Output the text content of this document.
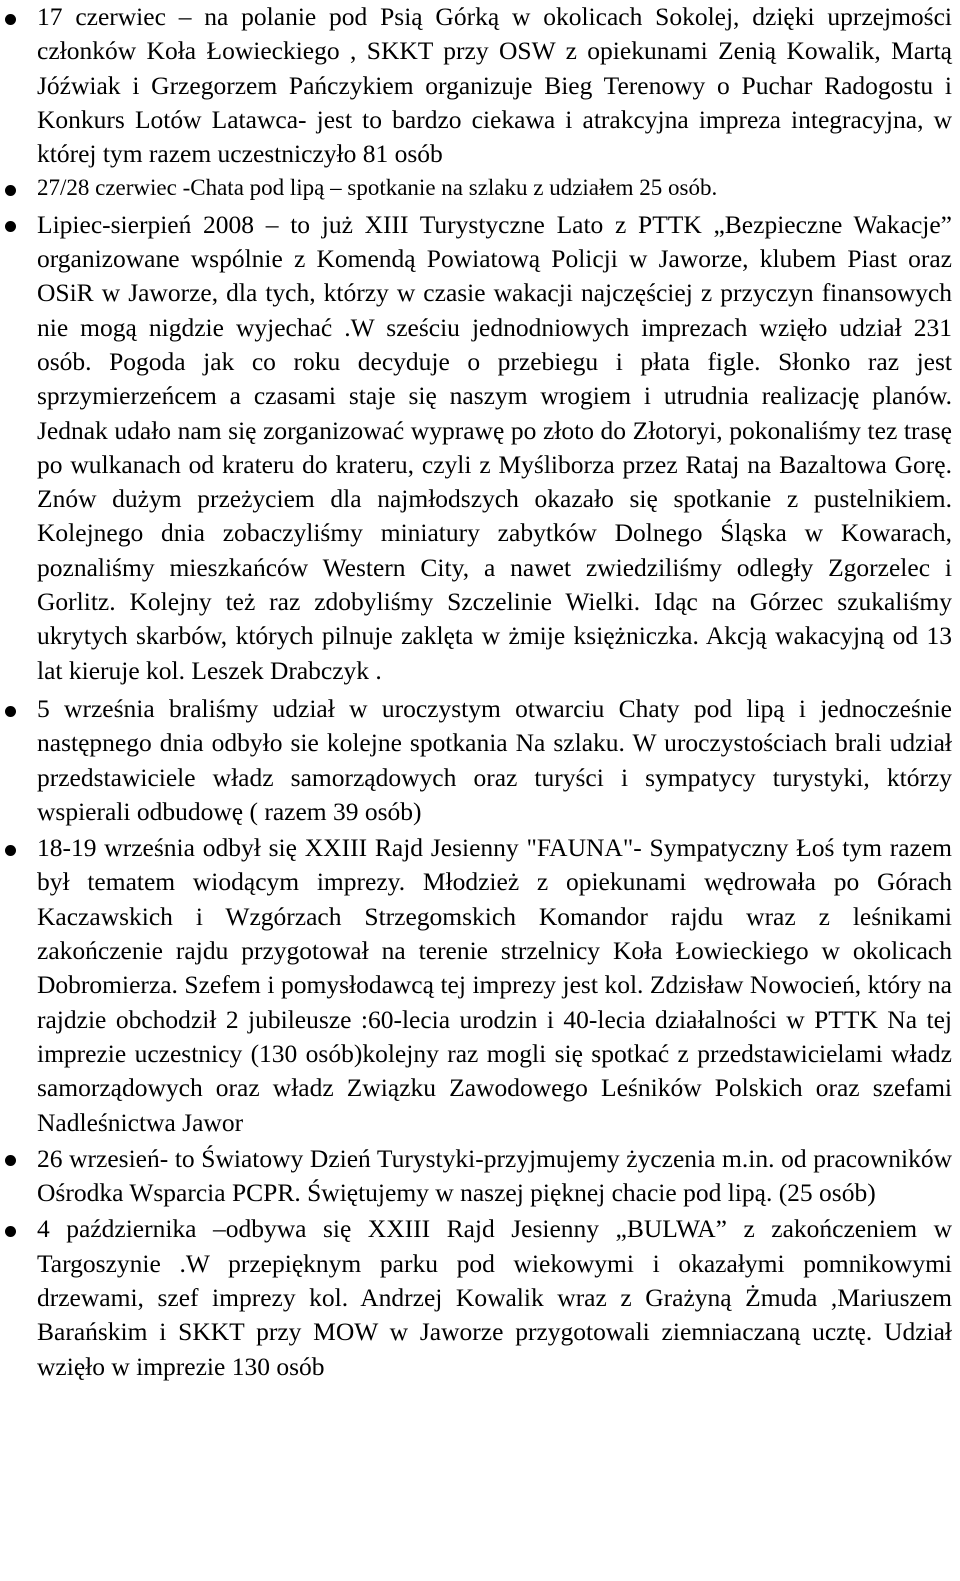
17 czerwiec – na polanie pod Psią Górką w okolicach Sokolej, dzięki uprzejmości członków Koła Łowieckiego , SKKT przy OSW z opiekunami Zenią Kowalik, Martą Jóźwiak i Grzegorzem Pańczykiem organizuje Bieg Terenowy o Puchar Radogostu i Konkurs Lotów Latawca- jest to bardzo ciekawa i atrakcyjna impreza integracyjna, w której tym razem uczestniczyło 81 osób
27/28 czerwiec -Chata pod lipą – spotkanie na szlaku z udziałem 25 osób.
Lipiec-sierpień 2008 – to już XIII Turystyczne Lato z PTTK „Bezpieczne Wakacje” organizowane wspólnie z Komendą Powiatową Policji w Jaworze, klubem Piast oraz OSiR w Jaworze, dla tych, którzy w czasie wakacji najczęściej z przyczyn finansowych nie mogą nigdzie wyjechać .W sześciu jednodniowych imprezach wzięło udział 231 osób. Pogoda jak co roku decyduje o przebiegu i płata figle. Słonko raz jest sprzymierzeńcem a czasami staje się naszym wrogiem i utrudnia realizację planów. Jednak udało nam się zorganizować wyprawę po złoto do Złotoryi, pokonaliśmy tez trasę po wulkanach od krateru do krateru, czyli z Myśliborza przez Rataj na Bazaltowa Gorę. Znów dużym przeżyciem dla najmłodszych okazało się spotkanie z pustelnikiem. Kolejnego dnia zobaczyliśmy miniatury zabytków Dolnego Śląska w Kowarach, poznaliśmy mieszkańców Western City, a nawet zwiedziliśmy odległy Zgorzelec i Gorlitz. Kolejny też raz zdobyliśmy Szczelinie Wielki. Idąc na Górzec szukaliśmy ukrytych skarbów, których pilnuje zaklęta w żmije księżniczka. Akcją wakacyjną od 13 lat kieruje kol. Leszek Drabczyk .
5 września braliśmy udział w uroczystym otwarciu Chaty pod lipą i jednocześnie następnego dnia odbyło sie kolejne spotkania Na szlaku. W uroczystościach brali udział przedstawiciele władz samorządowych oraz turyści i sympatycy turystyki, którzy wspierali odbudowę ( razem 39 osób)
18-19 września odbył się XXIII Rajd Jesienny "FAUNA"- Sympatyczny Łoś tym razem był tematem wiodącym imprezy. Młodzież z opiekunami wędrowała po Górach Kaczawskich i Wzgórzach Strzegomskich Komandor rajdu wraz z leśnikami zakończenie rajdu przygotował na terenie strzelnicy Koła Łowieckiego w okolicach Dobromierza. Szefem i pomysłodawcą tej imprezy jest kol. Zdzisław Nowocień, który na rajdzie obchodził 2 jubileusze :60-lecia urodzin i 40-lecia działalności w PTTK Na tej imprezie uczestnicy (130 osób)kolejny raz mogli się spotkać z przedstawicielami władz samorządowych oraz władz Związku Zawodowego Leśników Polskich oraz szefami Nadleśnictwa Jawor
26 wrzesień- to Światowy Dzień Turystyki-przyjmujemy życzenia m.in. od pracowników Ośrodka Wsparcia PCPR. Świętujemy w naszej pięknej chacie pod lipą. (25 osób)
4 października –odbywa się XXIII Rajd Jesienny „BULWA” z zakończeniem w Targoszynie .W przepięknym parku pod wiekowymi i okazałymi pomnikowymi drzewami, szef imprezy kol. Andrzej Kowalik wraz z Grażyną Żmuda ,Mariuszem Barańskim i SKKT przy MOW w Jaworze przygotowali ziemniaczaną ucztę. Udział wzięło w imprezie 130 osób
